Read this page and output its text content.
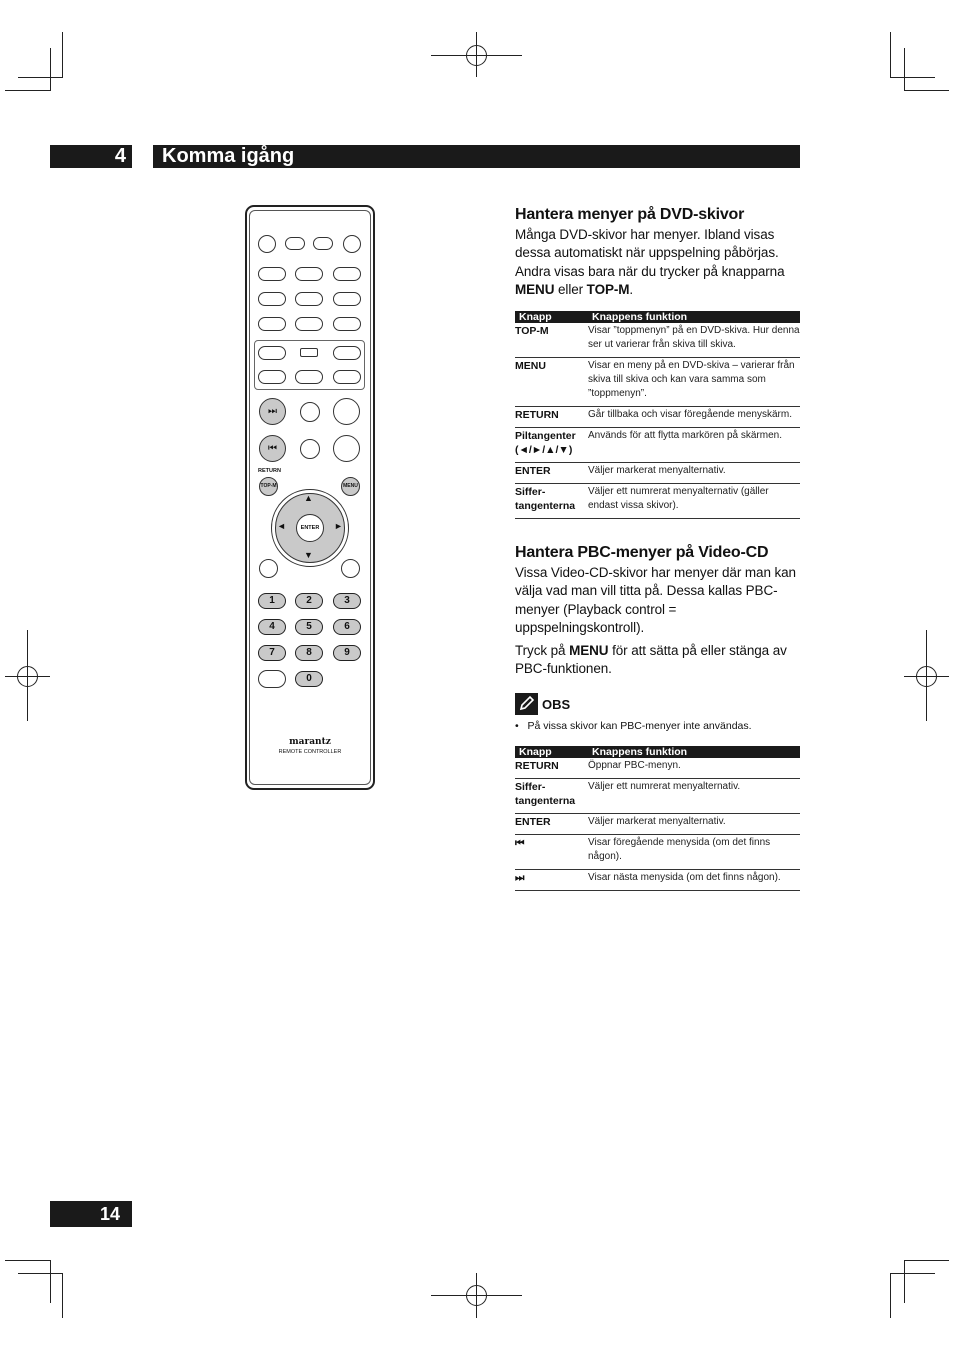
4	Komma igång
⏭
⏮
RETURN
TOP-M	MENU
ENTER
▲
▼
◄	►
1	2	3
4	5	6
7	8	9
0
marantz
REMOTE CONTROLLER
Hantera menyer på DVD-skivor
Många DVD-skivor har menyer. Ibland visas dessa automatiskt när uppspelning påbörjas. Andra visas bara när du trycker på knapparna MENU eller TOP-M.
Knapp	Knappens funktion
TOP-M	Visar ”toppmenyn” på en DVD-skiva. Hur denna ser ut varierar från skiva till skiva.
MENU	Visar en meny på en DVD-skiva – varierar från skiva till skiva och kan vara samma som ”toppmenyn”.
RETURN	Går tillbaka och visar föregående menyskärm.
Piltangenter (◄/►/▲/▼)	Används för att flytta markören på skärmen.
ENTER	Väljer markerat menyalternativ.
Siffer-tangenterna	Väljer ett numrerat menyalternativ (gäller endast vissa skivor).
Hantera PBC-menyer på Video-CD
Vissa Video-CD-skivor har menyer där man kan välja vad man vill titta på. Dessa kallas PBC-menyer (Playback control = uppspelningskontroll).
Tryck på MENU för att sätta på eller stänga av PBC-funktionen.
OBS
•   På vissa skivor kan PBC-menyer inte användas.
Knapp	Knappens funktion
RETURN	Öppnar PBC-menyn.
Siffer-tangenterna	Väljer ett numrerat menyalternativ.
ENTER	Väljer markerat menyalternativ.
⏮	Visar föregående menysida (om det finns någon).
⏭	Visar nästa menysida (om det finns någon).
14
